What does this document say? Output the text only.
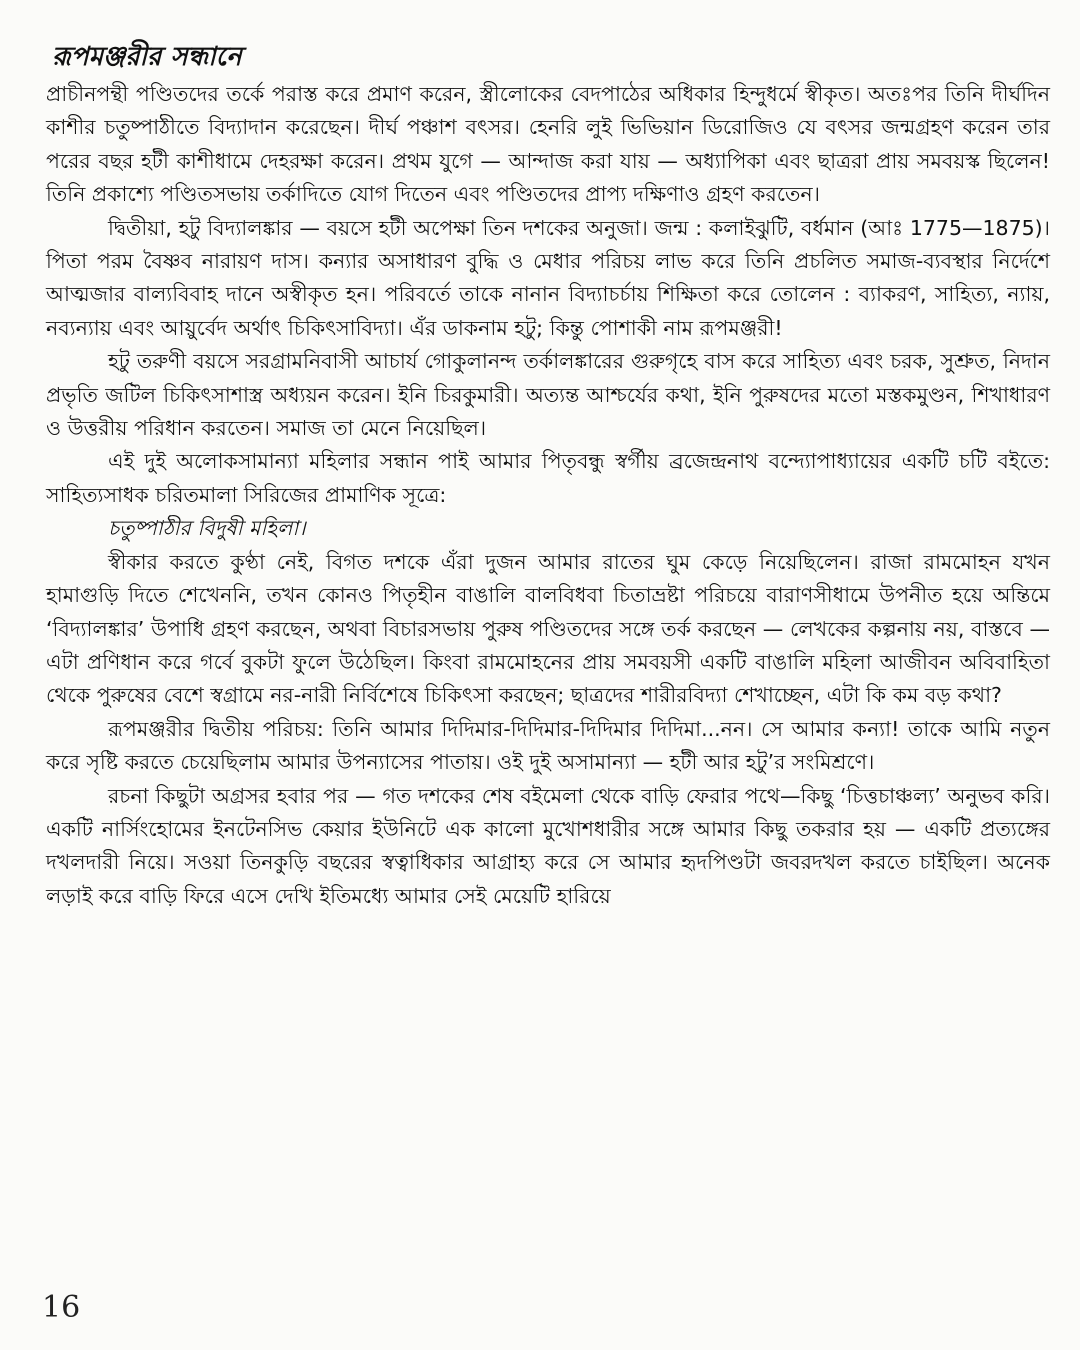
রূপমঞ্জরীর সন্ধানে

প্রাচীনপন্থী পণ্ডিতদের তর্কে পরাস্ত করে প্রমাণ করেন, স্ত্রীলোকের বেদপাঠের অধিকার হিন্দুধর্মে স্বীকৃত। অতঃপর তিনি দীর্ঘদিন কাশীর চতুষ্পাঠীতে বিদ্যাদান করেছেন। দীর্ঘ পঞ্চাশ বৎসর। হেনরি লুই ভিভিয়ান ডিরোজিও যে বৎসর জন্মগ্রহণ করেন তার পরের বছর হটী কাশীধামে দেহরক্ষা করেন। প্রথম যুগে — আন্দাজ করা যায় — অধ্যাপিকা এবং ছাত্ররা প্রায় সমবয়স্ক ছিলেন! তিনি প্রকাশ্যে পণ্ডিতসভায় তর্কাদিতে যোগ দিতেন এবং পণ্ডিতদের প্রাপ্য দক্ষিণাও গ্রহণ করতেন।

দ্বিতীয়া, হটু বিদ্যালঙ্কার — বয়সে হটী অপেক্ষা তিন দশকের অনুজা। জন্ম : কলাইঝুটি, বর্ধমান (আঃ 1775—1875)। পিতা পরম বৈষ্ণব নারায়ণ দাস। কন্যার অসাধারণ বুদ্ধি ও মেধার পরিচয় লাভ করে তিনি প্রচলিত সমাজ-ব্যবস্থার নির্দেশে আত্মজার বাল্যবিবাহ দানে অস্বীকৃত হন। পরিবর্তে তাকে নানান বিদ্যাচর্চায় শিক্ষিতা করে তোলেন : ব্যাকরণ, সাহিত্য, ন্যায়, নব্যন্যায় এবং আয়ুর্বেদ অর্থাৎ চিকিৎসাবিদ্যা। এঁর ডাকনাম হটু; কিন্তু পোশাকী নাম রূপমঞ্জরী!

হটু তরুণী বয়সে সরগ্রামনিবাসী আচার্য গোকুলানন্দ তর্কালঙ্কারের গুরুগৃহে বাস করে সাহিত্য এবং চরক, সুশ্রুত, নিদান প্রভৃতি জটিল চিকিৎসাশাস্ত্র অধ্যয়ন করেন। ইনি চিরকুমারী। অত্যন্ত আশ্চর্যের কথা, ইনি পুরুষদের মতো মস্তকমুণ্ডন, শিখাধারণ ও উত্তরীয় পরিধান করতেন। সমাজ তা মেনে নিয়েছিল।

এই দুই অলোকসামান্যা মহিলার সন্ধান পাই আমার পিতৃবন্ধু স্বর্গীয় ব্রজেন্দ্রনাথ বন্দ্যোপাধ্যায়ের একটি চটি বইতে: সাহিত্যসাধক চরিতমালা সিরিজের প্রামাণিক সূত্রে:
চতুষ্পাঠীর বিদুষী মহিলা।

স্বীকার করতে কুণ্ঠা নেই, বিগত দশকে এঁরা দুজন আমার রাতের ঘুম কেড়ে নিয়েছিলেন। রাজা রামমোহন যখন হামাগুড়ি দিতে শেখেননি, তখন কোনও পিতৃহীন বাঙালি বালবিধবা চিতাভ্রষ্টা পরিচয়ে বারাণসীধামে উপনীত হয়ে অন্তিমে ‘বিদ্যালঙ্কার’ উপাধি গ্রহণ করছেন, অথবা বিচারসভায় পুরুষ পণ্ডিতদের সঙ্গে তর্ক করছেন — লেখকের কল্পনায় নয়, বাস্তবে — এটা প্রণিধান করে গর্বে বুকটা ফুলে উঠেছিল। কিংবা রামমোহনের প্রায় সমবয়সী একটি বাঙালি মহিলা আজীবন অবিবাহিতা থেকে পুরুষের বেশে স্বগ্রামে নর-নারী নির্বিশেষে চিকিৎসা করছেন; ছাত্রদের শারীরবিদ্যা শেখাচ্ছেন, এটা কি কম বড় কথা?

রূপমঞ্জরীর দ্বিতীয় পরিচয়: তিনি আমার দিদিমার-দিদিমার-দিদিমার দিদিমা...নন। সে আমার কন্যা! তাকে আমি নতুন করে সৃষ্টি করতে চেয়েছিলাম আমার উপন্যাসের পাতায়। ওই দুই অসামান্যা — হটী আর হটু’র সংমিশ্রণে।

রচনা কিছুটা অগ্রসর হবার পর — গত দশকের শেষ বইমেলা থেকে বাড়ি ফেরার পথে—কিছু ‘চিত্তচাঞ্চল্য’ অনুভব করি। একটি নার্সিংহোমের ইনটেনসিভ কেয়ার ইউনিটে এক কালো মুখোশধারীর সঙ্গে আমার কিছু তকরার হয় — একটি প্রত্যঙ্গের দখলদারী নিয়ে। সওয়া তিনকুড়ি বছরের স্বত্বাধিকার আগ্রাহ্য করে সে আমার হৃদপিণ্ডটা জবরদখল করতে চাইছিল। অনেক লড়াই করে বাড়ি ফিরে এসে দেখি ইতিমধ্যে আমার সেই মেয়েটি হারিয়ে

16
